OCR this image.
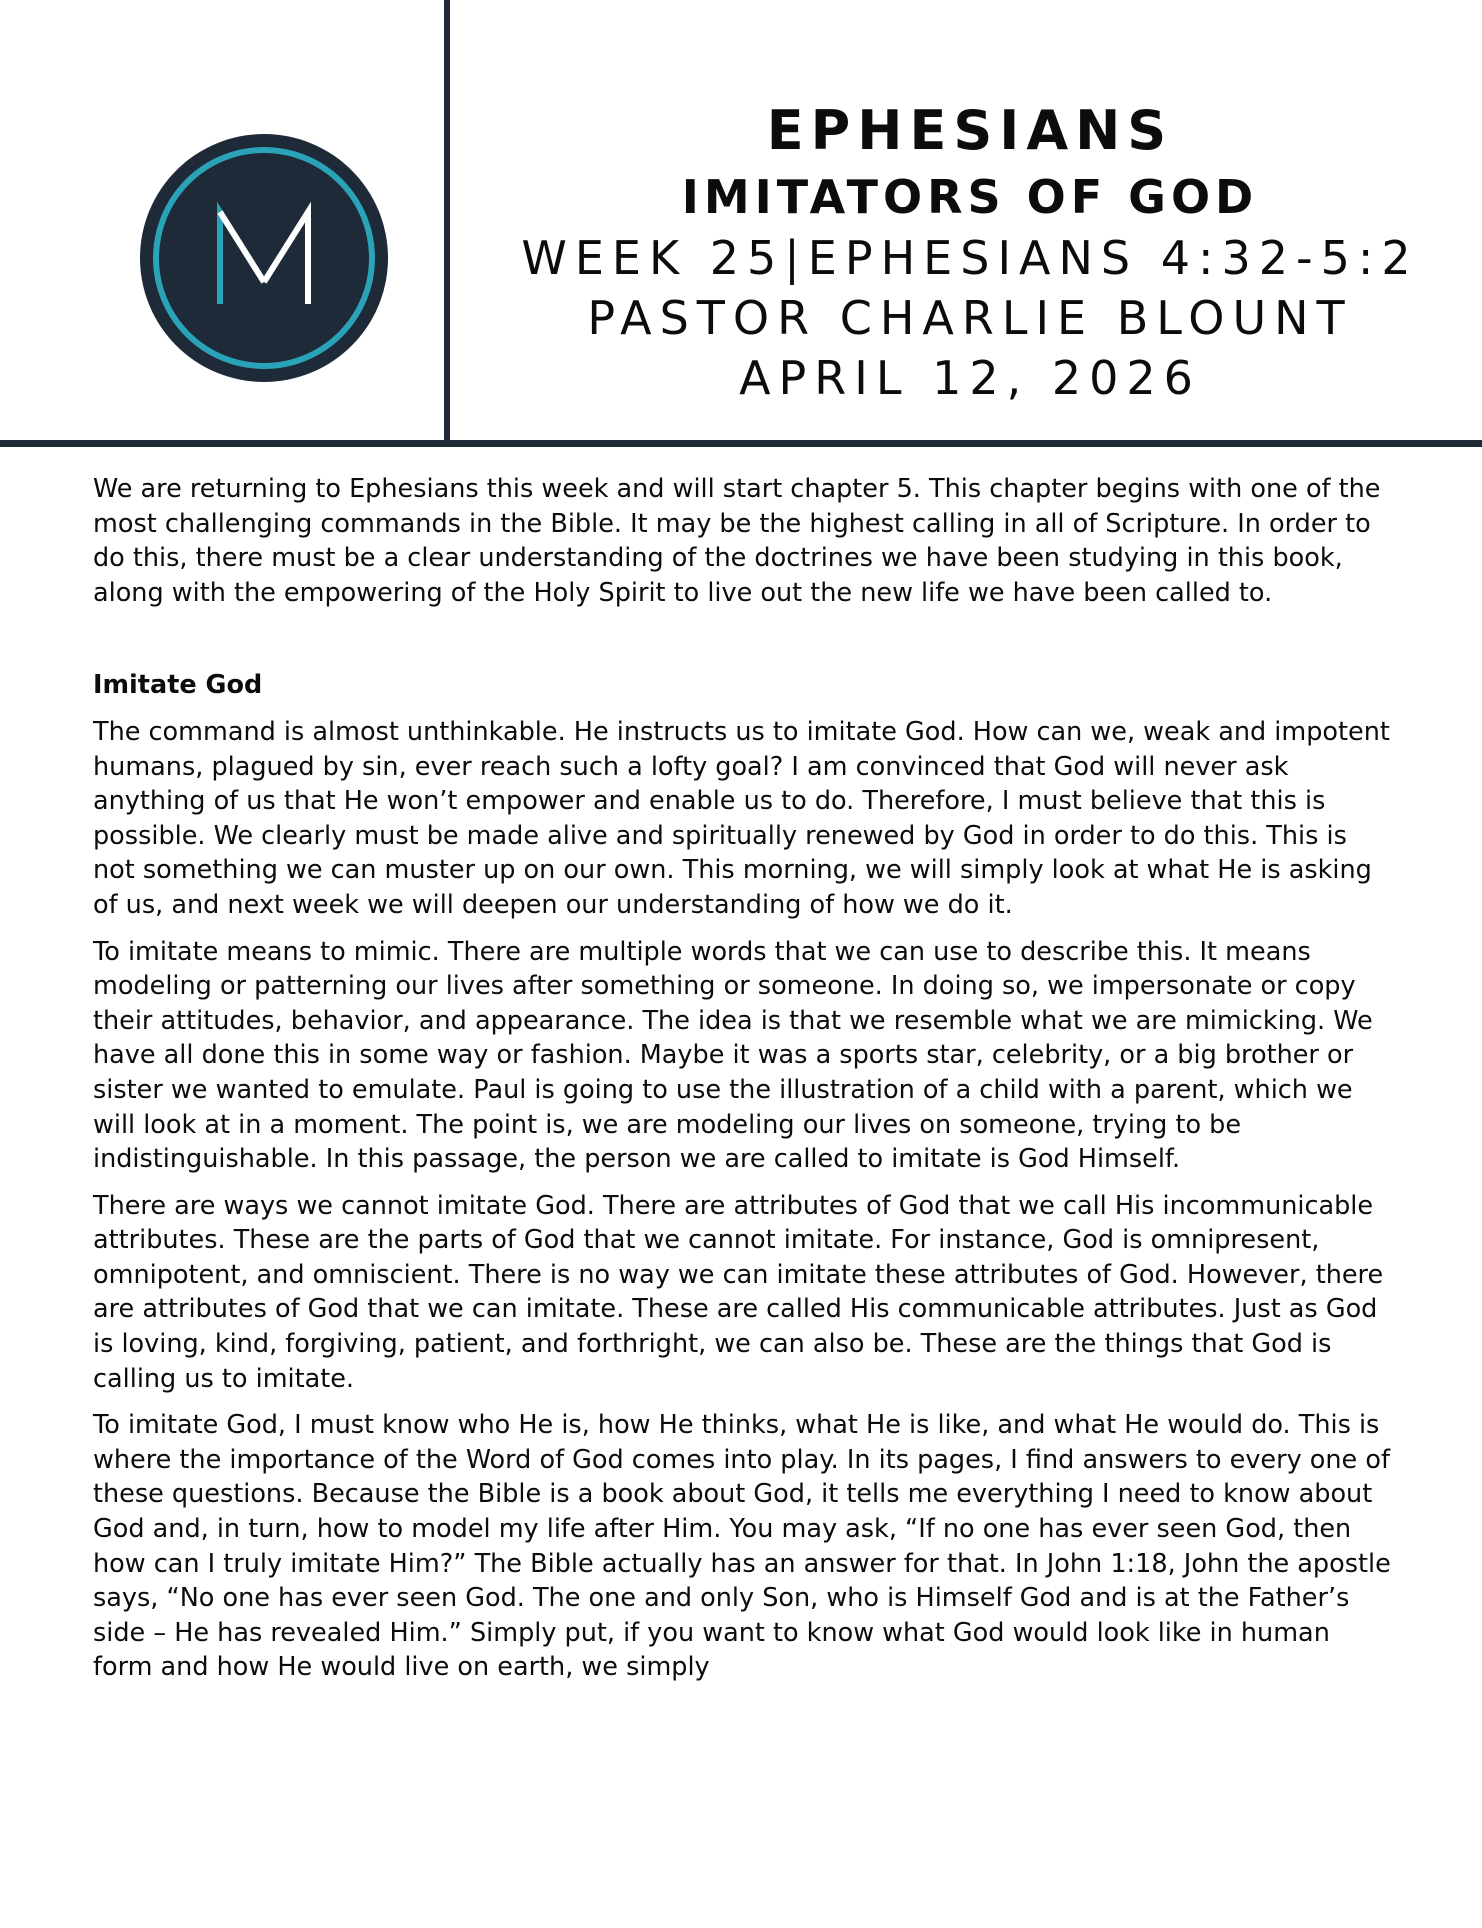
EPHESIANS
IMITATORS OF GOD
WEEK 25|EPHESIANS 4:32-5:2
PASTOR CHARLIE BLOUNT
APRIL 12, 2026

We are returning to Ephesians this week and will start chapter 5. This chapter begins with one of the most challenging commands in the Bible. It may be the highest calling in all of Scripture. In order to do this, there must be a clear understanding of the doctrines we have been studying in this book, along with the empowering of the Holy Spirit to live out the new life we have been called to.

Imitate God

The command is almost unthinkable. He instructs us to imitate God. How can we, weak and impotent humans, plagued by sin, ever reach such a lofty goal? I am convinced that God will never ask anything of us that He won’t empower and enable us to do. Therefore, I must believe that this is possible. We clearly must be made alive and spiritually renewed by God in order to do this. This is not something we can muster up on our own. This morning, we will simply look at what He is asking of us, and next week we will deepen our understanding of how we do it.

To imitate means to mimic. There are multiple words that we can use to describe this. It means modeling or patterning our lives after something or someone. In doing so, we impersonate or copy their attitudes, behavior, and appearance. The idea is that we resemble what we are mimicking. We have all done this in some way or fashion. Maybe it was a sports star, celebrity, or a big brother or sister we wanted to emulate. Paul is going to use the illustration of a child with a parent, which we will look at in a moment. The point is, we are modeling our lives on someone, trying to be indistinguishable. In this passage, the person we are called to imitate is God Himself.

There are ways we cannot imitate God. There are attributes of God that we call His incommunicable attributes. These are the parts of God that we cannot imitate. For instance, God is omnipresent, omnipotent, and omniscient. There is no way we can imitate these attributes of God. However, there are attributes of God that we can imitate. These are called His communicable attributes. Just as God is loving, kind, forgiving, patient, and forthright, we can also be. These are the things that God is calling us to imitate.

To imitate God, I must know who He is, how He thinks, what He is like, and what He would do. This is where the importance of the Word of God comes into play. In its pages, I find answers to every one of these questions. Because the Bible is a book about God, it tells me everything I need to know about God and, in turn, how to model my life after Him. You may ask, “If no one has ever seen God, then how can I truly imitate Him?” The Bible actually has an answer for that. In John 1:18, John the apostle says, “No one has ever seen God. The one and only Son, who is Himself God and is at the Father’s side – He has revealed Him.” Simply put, if you want to know what God would look like in human form and how He would live on earth, we simply
